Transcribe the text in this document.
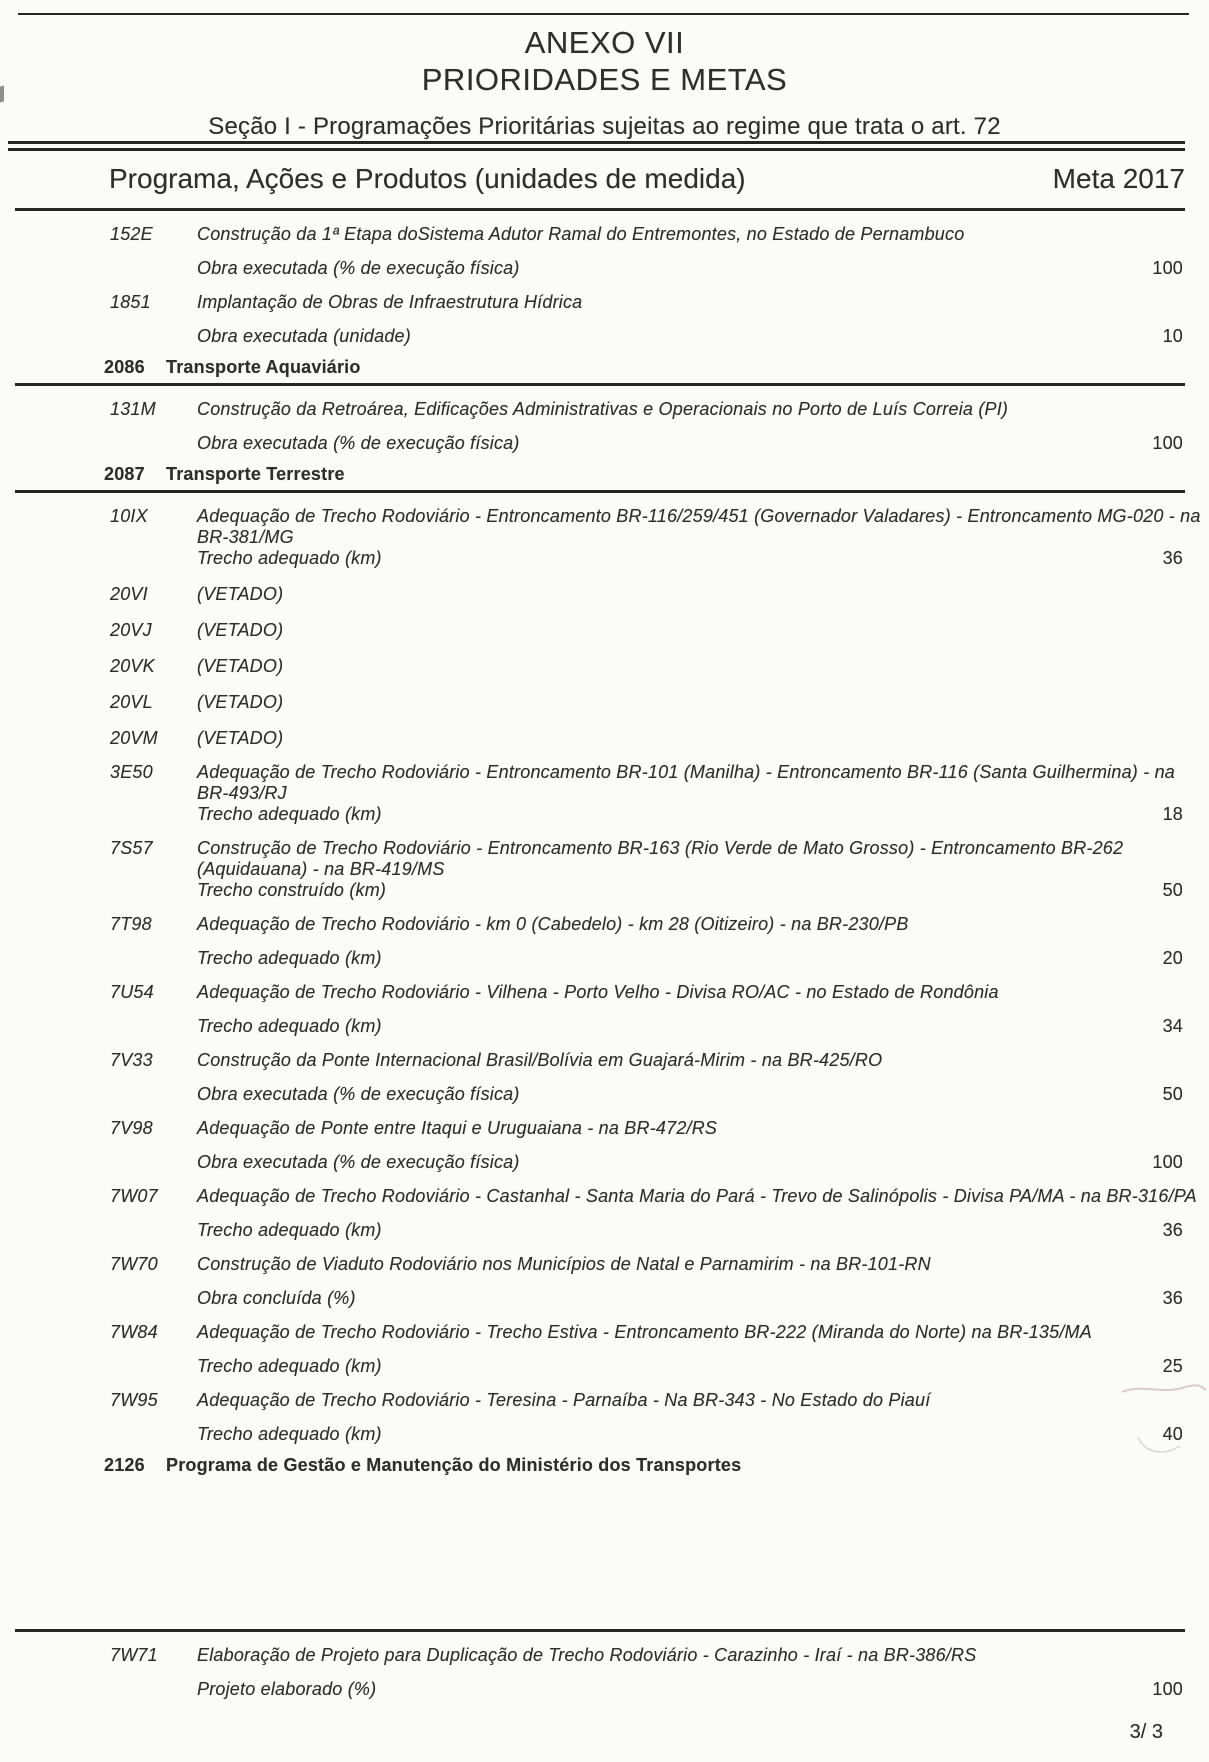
ANEXO VII
PRIORIDADES E METAS
Seção I - Programações Prioritárias sujeitas ao regime que trata o art. 72
Programa, Ações e Produtos (unidades de medida)	Meta 2017
152E	Construção da 1ª Etapa doSistema Adutor Ramal do Entremontes, no Estado de Pernambuco
Obra executada (% de execução física)	100
1851	Implantação de Obras de Infraestrutura Hídrica
Obra executada (unidade)	10
2086	Transporte Aquaviário
131M	Construção da Retroárea, Edificações Administrativas e Operacionais no Porto de Luís Correia (PI)
Obra executada (% de execução física)	100
2087	Transporte Terrestre
10IX	Adequação de Trecho Rodoviário - Entroncamento BR-116/259/451 (Governador Valadares) - Entroncamento MG-020 - na
BR-381/MG
Trecho adequado (km)	36
20VI	(VETADO)
20VJ	(VETADO)
20VK	(VETADO)
20VL	(VETADO)
20VM	(VETADO)
3E50	Adequação de Trecho Rodoviário - Entroncamento BR-101 (Manilha) - Entroncamento BR-116 (Santa Guilhermina) - na
BR-493/RJ
Trecho adequado (km)	18
7S57	Construção de Trecho Rodoviário - Entroncamento BR-163 (Rio Verde de Mato Grosso) - Entroncamento BR-262
(Aquidauana) - na BR-419/MS
Trecho construído (km)	50
7T98	Adequação de Trecho Rodoviário - km 0 (Cabedelo) - km 28 (Oitizeiro) - na BR-230/PB
Trecho adequado (km)	20
7U54	Adequação de Trecho Rodoviário - Vilhena - Porto Velho - Divisa RO/AC - no Estado de Rondônia
Trecho adequado (km)	34
7V33	Construção da Ponte Internacional Brasil/Bolívia em Guajará-Mirim - na BR-425/RO
Obra executada (% de execução física)	50
7V98	Adequação de Ponte entre Itaqui e Uruguaiana - na BR-472/RS
Obra executada (% de execução física)	100
7W07	Adequação de Trecho Rodoviário - Castanhal - Santa Maria do Pará - Trevo de Salinópolis - Divisa PA/MA - na BR-316/PA
Trecho adequado (km)	36
7W70	Construção de Viaduto Rodoviário nos Municípios de Natal e Parnamirim - na BR-101-RN
Obra concluída (%)	36
7W84	Adequação de Trecho Rodoviário - Trecho Estiva - Entroncamento BR-222 (Miranda do Norte) na BR-135/MA
Trecho adequado (km)	25
7W95	Adequação de Trecho Rodoviário - Teresina - Parnaíba - Na BR-343 - No Estado do Piauí
Trecho adequado (km)	40
2126	Programa de Gestão e Manutenção do Ministério dos Transportes
7W71	Elaboração de Projeto para Duplicação de Trecho Rodoviário - Carazinho - Iraí - na BR-386/RS
Projeto elaborado (%)	100
3/ 3
